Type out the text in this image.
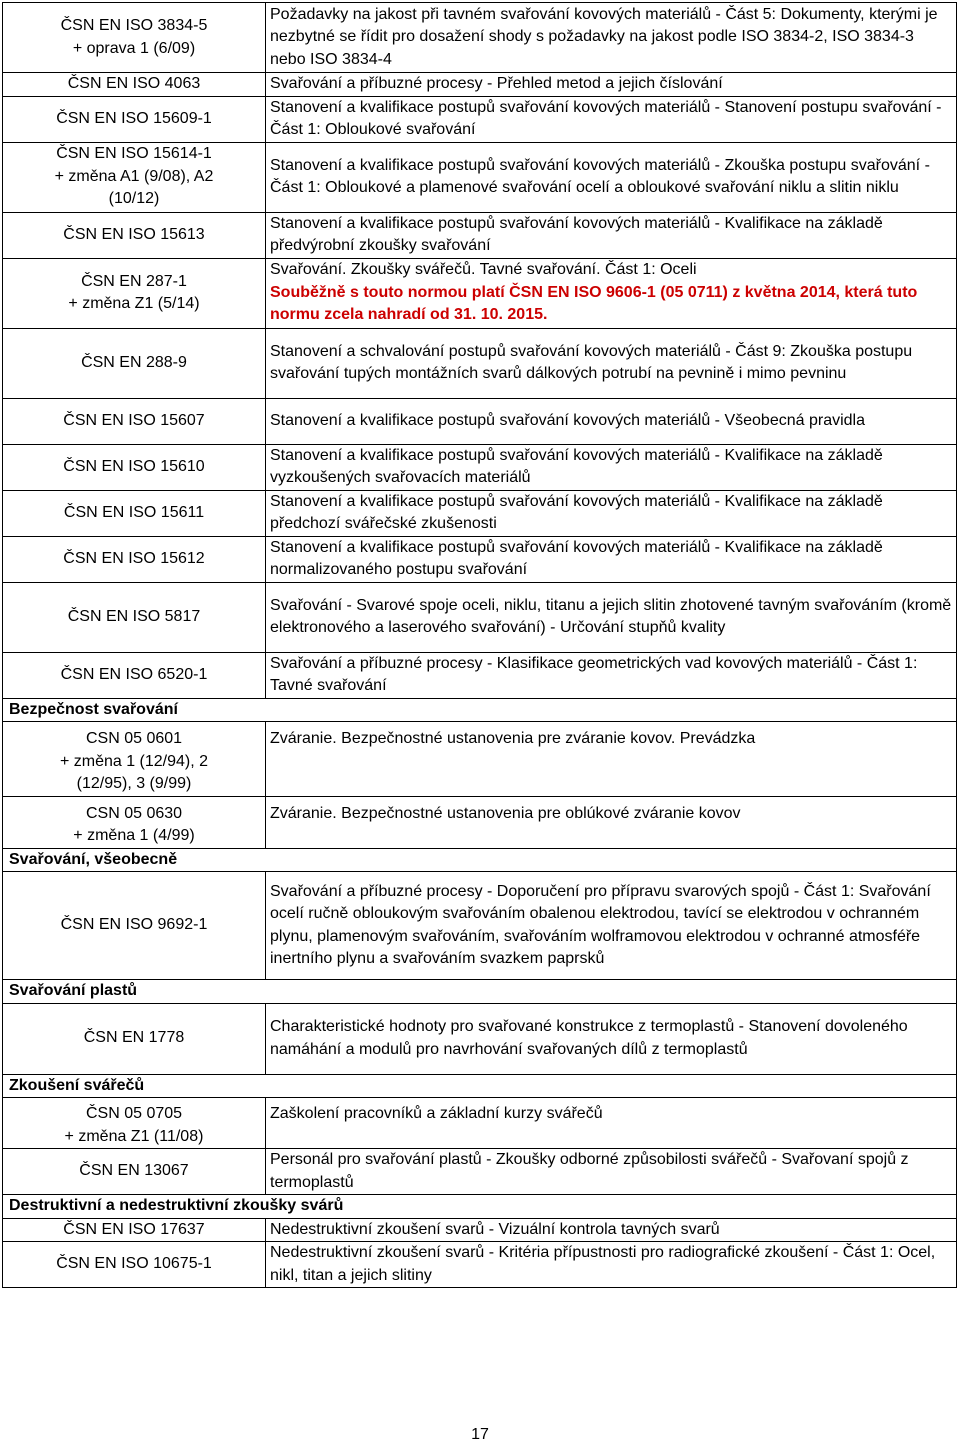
ČSN EN ISO 3834-5
+ oprava 1 (6/09)	Požadavky na jakost při tavném svařování kovových materiálů - Část 5: Dokumenty, kterými je nezbytné se řídit pro dosažení shody s požadavky na jakost podle ISO 3834-2, ISO 3834-3 nebo ISO 3834-4
ČSN EN ISO 4063	Svařování a příbuzné procesy - Přehled metod a jejich číslování
ČSN EN ISO 15609-1	Stanovení a kvalifikace postupů svařování kovových materiálů - Stanovení postupu svařování - Část 1: Obloukové svařování
ČSN EN ISO 15614-1
+ změna A1 (9/08), A2
(10/12)	Stanovení a kvalifikace postupů svařování kovových materiálů - Zkouška postupu svařování - Část 1: Obloukové a plamenové svařování ocelí a obloukové svařování niklu a slitin niklu
ČSN EN ISO 15613	Stanovení a kvalifikace postupů svařování kovových materiálů - Kvalifikace na základě předvýrobní zkoušky svařování
ČSN EN 287-1
+ změna Z1 (5/14)	Svařování. Zkoušky svářečů. Tavné svařování. Část 1: Oceli
Souběžně s touto normou platí ČSN EN ISO 9606-1 (05 0711) z května 2014, která tuto normu zcela nahradí od 31. 10. 2015.

ČSN EN 288-9	Stanovení a schvalování postupů svařování kovových materiálů - Část 9: Zkouška postupu svařování tupých montážních svarů dálkových potrubí na pevnině i mimo pevninu
ČSN EN ISO 15607	Stanovení a kvalifikace postupů svařování kovových materiálů - Všeobecná pravidla
ČSN EN ISO 15610	Stanovení a kvalifikace postupů svařování kovových materiálů - Kvalifikace na základě vyzkoušených svařovacích materiálů
ČSN EN ISO 15611	Stanovení a kvalifikace postupů svařování kovových materiálů - Kvalifikace na základě předchozí svářečské zkušenosti
ČSN EN ISO 15612	Stanovení a kvalifikace postupů svařování kovových materiálů - Kvalifikace na základě normalizovaného postupu svařování
ČSN EN ISO 5817	Svařování - Svarové spoje oceli, niklu, titanu a jejich slitin zhotovené tavným svařováním (kromě elektronového a laserového svařování) - Určování stupňů kvality
ČSN EN ISO 6520-1	Svařování a příbuzné procesy - Klasifikace geometrických vad kovových materiálů - Část 1: Tavné svařování
Bezpečnost svařování	
CSN 05 0601
+ změna 1 (12/94), 2
(12/95), 3 (9/99)	Zváranie. Bezpečnostné ustanovenia pre zváranie kovov. Prevádzka
CSN 05 0630
+ změna 1 (4/99)	Zváranie. Bezpečnostné ustanovenia pre oblúkové zváranie kovov
Svařování, všeobecně	
ČSN EN ISO 9692-1	Svařování a příbuzné procesy - Doporučení pro přípravu svarových spojů - Část 1: Svařování ocelí ručně obloukovým svařováním obalenou elektrodou, tavící se elektrodou v ochranném plynu, plamenovým svařováním, svařováním wolframovou elektrodou v ochranné atmosféře inertního plynu a svařováním svazkem paprsků
Svařování plastů	
ČSN EN 1778	Charakteristické hodnoty pro svařované konstrukce z termoplastů - Stanovení dovoleného namáhání a modulů pro navrhování svařovaných dílů z termoplastů
Zkoušení svářečů	
ČSN 05 0705
+ změna Z1 (11/08)	Zaškolení pracovníků a základní kurzy svářečů
ČSN EN 13067	Personál pro svařování plastů - Zkoušky odborné způsobilosti svářečů - Svařovaní spojů z termoplastů
Destruktivní a nedestruktivní zkoušky svárů	
ČSN EN ISO 17637	Nedestruktivní zkoušení svarů - Vizuální kontrola tavných svarů
ČSN EN ISO 10675-1	Nedestruktivní zkoušení svarů - Kritéria přípustnosti pro radiografické zkoušení - Část 1: Ocel, nikl, titan a jejich slitiny
17
